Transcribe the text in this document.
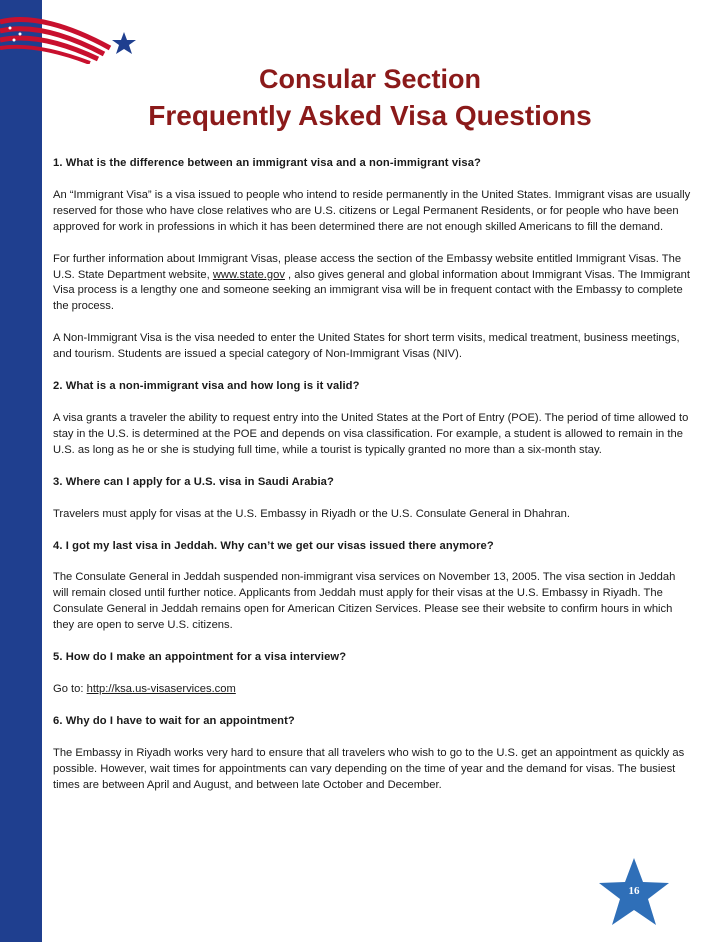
Consular Section
Frequently Asked Visa Questions

1. What is the difference between an immigrant visa and a non-immigrant visa?

An “Immigrant Visa” is a visa issued to people who intend to reside permanently in the United States. Immigrant visas are usually reserved for those who have close relatives who are U.S. citizens or Legal Permanent Residents, or for people who have been approved for work in professions in which it has been determined there are not enough skilled Americans to fill the demand.

For further information about Immigrant Visas, please access the section of the Embassy website entitled Immigrant Visas. The U.S. State Department website, www.state.gov , also gives general and global information about Immigrant Visas. The Immigrant Visa process is a lengthy one and someone seeking an immigrant visa will be in frequent contact with the Embassy to complete the process.

A Non-Immigrant Visa is the visa needed to enter the United States for short term visits, medical treatment, business meetings, and tourism. Students are issued a special category of Non-Immigrant Visas (NIV).

2. What is a non-immigrant visa and how long is it valid?

A visa grants a traveler the ability to request entry into the United States at the Port of Entry (POE). The period of time allowed to stay in the U.S. is determined at the POE and depends on visa classification. For example, a student is allowed to remain in the U.S. as long as he or she is studying full time, while a tourist is typically granted no more than a six-month stay.

3. Where can I apply for a U.S. visa in Saudi Arabia?

Travelers must apply for visas at the U.S. Embassy in Riyadh or the U.S. Consulate General in Dhahran.

4. I got my last visa in Jeddah. Why can’t we get our visas issued there anymore?

The Consulate General in Jeddah suspended non-immigrant visa services on November 13, 2005. The visa section in Jeddah will remain closed until further notice. Applicants from Jeddah must apply for their visas at the U.S. Embassy in Riyadh. The Consulate General in Jeddah remains open for American Citizen Services. Please see their website to confirm hours in which they are open to serve U.S. citizens.

5. How do I make an appointment for a visa interview?

Go to: http://ksa.us-visaservices.com

6. Why do I have to wait for an appointment?

The Embassy in Riyadh works very hard to ensure that all travelers who wish to go to the U.S. get an appointment as quickly as possible. However, wait times for appointments can vary depending on the time of year and the demand for visas. The busiest times are between April and August, and between late October and December.

16
